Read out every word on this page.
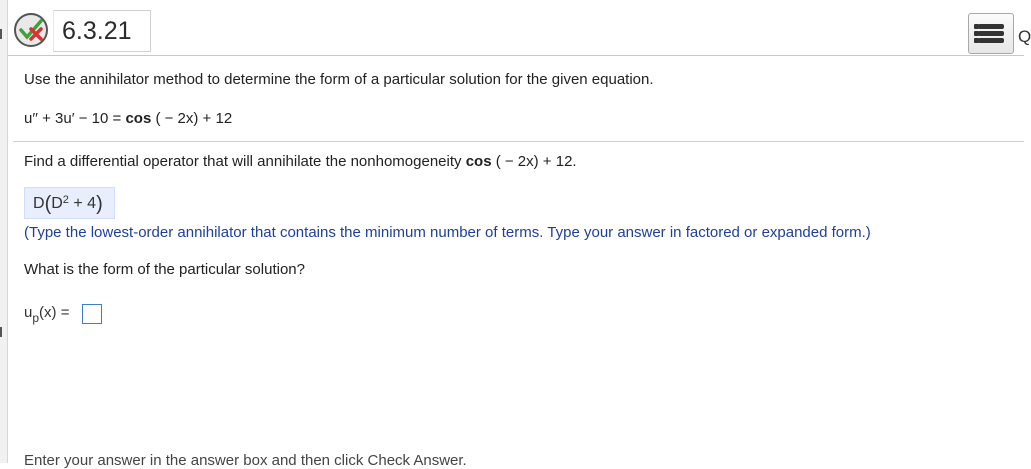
6.3.21	Q
Use the annihilator method to determine the form of a particular solution for the given equation.
u′′ + 3u′ − 10 = cos ( − 2x) + 12
Find a differential operator that will annihilate the nonhomogeneity cos ( − 2x) + 12.
$D(D^2 + 4)$
(Type the lowest-order annihilator that contains the minimum number of terms. Type your answer in factored or expanded form.)
What is the form of the particular solution?
$u_p(x)$ =
Enter your answer in the answer box and then click Check Answer.
